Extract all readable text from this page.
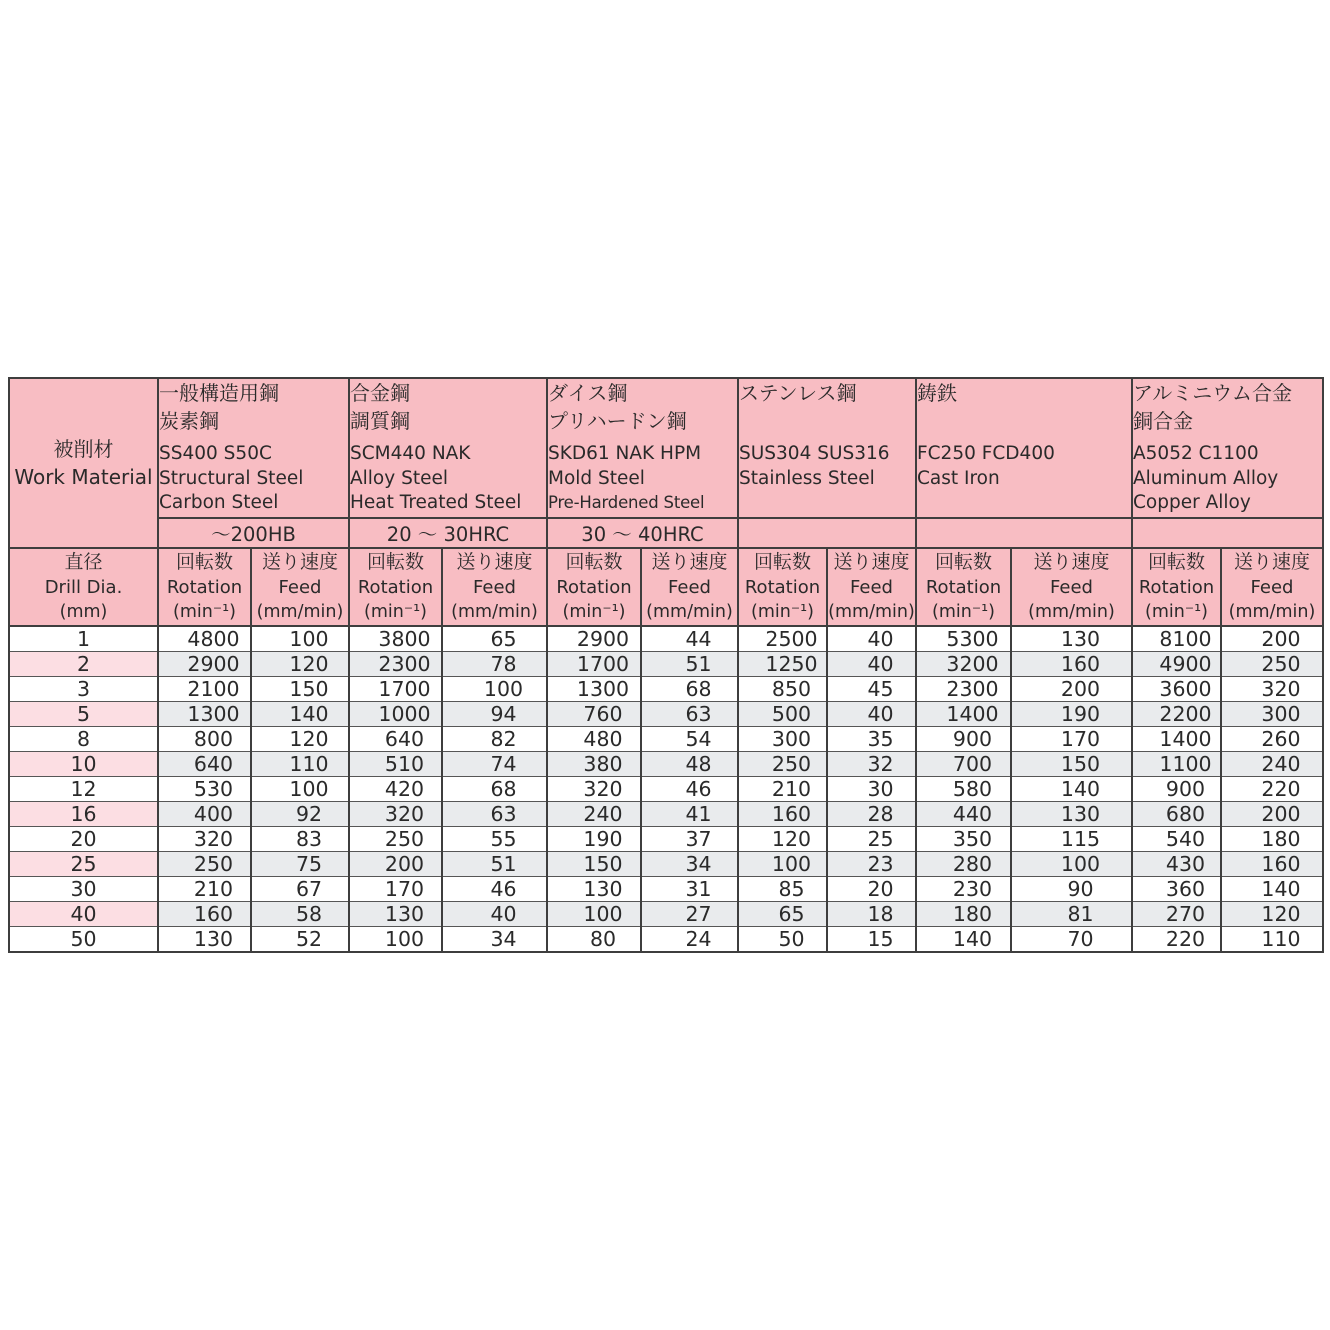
被削材
Work Material	一般構造用鋼
炭素鋼
SS400 S50C
Structural Steel
Carbon Steel		合金鋼
調質鋼
SCM440 NAK
Alloy Steel
Heat Treated Steel		ダイス鋼
プリハードン鋼
SKD61 NAK HPM
Mold Steel
Pre-Hardened Steel		ステンレス鋼
SUS304 SUS316
Stainless Steel		鋳鉄
FC250 FCD400
Cast Iron		アルミニウム合金
銅合金
A5052 C1100
Aluminum Alloy
Copper Alloy	

	～200HB		20 ～ 30HRC		30 ～ 40HRC							

直径
Drill Dia.
(mm)	回転数
Rotation
(min⁻¹)	送り速度
Feed
(mm/min)	回転数
Rotation
(min⁻¹)	送り速度
Feed
(mm/min)	回転数
Rotation
(min⁻¹)	送り速度
Feed
(mm/min)	回転数
Rotation
(min⁻¹)	送り速度
Feed
(mm/min)	回転数
Rotation
(min⁻¹)	送り速度
Feed
(mm/min)	回転数
Rotation
(min⁻¹)	送り速度
Feed
(mm/min)

1	4800	100	3800	65	2900	44	2500	40	5300	130	8100	200
2	2900	120	2300	78	1700	51	1250	40	3200	160	4900	250
3	2100	150	1700	100	1300	68	850	45	2300	200	3600	320
5	1300	140	1000	94	760	63	500	40	1400	190	2200	300
8	800	120	640	82	480	54	300	35	900	170	1400	260
10	640	110	510	74	380	48	250	32	700	150	1100	240
12	530	100	420	68	320	46	210	30	580	140	900	220
16	400	92	320	63	240	41	160	28	440	130	680	200
20	320	83	250	55	190	37	120	25	350	115	540	180
25	250	75	200	51	150	34	100	23	280	100	430	160
30	210	67	170	46	130	31	85	20	230	90	360	140
40	160	58	130	40	100	27	65	18	180	81	270	120
50	130	52	100	34	80	24	50	15	140	70	220	110
